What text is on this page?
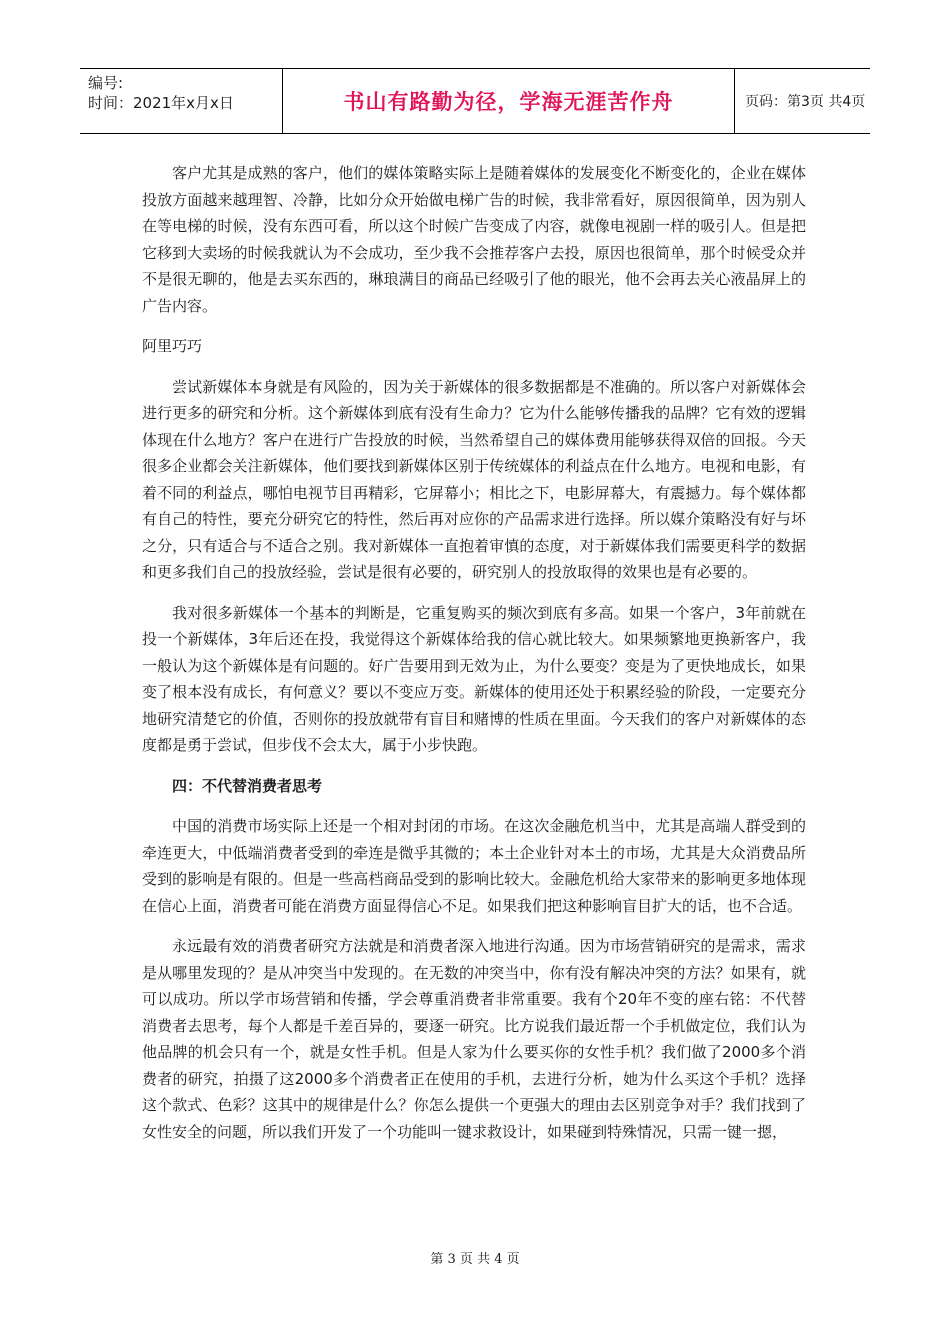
编号:
时间：2021年x月x日	书山有路勤为径，学海无涯苦作舟	页码：第3页 共4页

客户尤其是成熟的客户，他们的媒体策略实际上是随着媒体的发展变化不断变化的，企业在媒体投放方面越来越理智、冷静，比如分众开始做电梯广告的时候，我非常看好，原因很简单，因为别人在等电梯的时候，没有东西可看，所以这个时候广告变成了内容，就像电视剧一样的吸引人。但是把它移到大卖场的时候我就认为不会成功，至少我不会推荐客户去投，原因也很简单，那个时候受众并不是很无聊的，他是去买东西的，琳琅满目的商品已经吸引了他的眼光，他不会再去关心液晶屏上的广告内容。

阿里巧巧

尝试新媒体本身就是有风险的，因为关于新媒体的很多数据都是不准确的。所以客户对新媒体会进行更多的研究和分析。这个新媒体到底有没有生命力？它为什么能够传播我的品牌？它有效的逻辑体现在什么地方？客户在进行广告投放的时候，当然希望自己的媒体费用能够获得双倍的回报。今天很多企业都会关注新媒体，他们要找到新媒体区别于传统媒体的利益点在什么地方。电视和电影，有着不同的利益点，哪怕电视节目再精彩，它屏幕小；相比之下，电影屏幕大，有震撼力。每个媒体都有自己的特性，要充分研究它的特性，然后再对应你的产品需求进行选择。所以媒介策略没有好与坏之分，只有适合与不适合之别。我对新媒体一直抱着审慎的态度，对于新媒体我们需要更科学的数据和更多我们自己的投放经验，尝试是很有必要的，研究别人的投放取得的效果也是有必要的。

我对很多新媒体一个基本的判断是，它重复购买的频次到底有多高。如果一个客户，3年前就在投一个新媒体，3年后还在投，我觉得这个新媒体给我的信心就比较大。如果频繁地更换新客户，我一般认为这个新媒体是有问题的。好广告要用到无效为止，为什么要变？变是为了更快地成长，如果变了根本没有成长，有何意义？要以不变应万变。新媒体的使用还处于积累经验的阶段，一定要充分地研究清楚它的价值，否则你的投放就带有盲目和赌博的性质在里面。今天我们的客户对新媒体的态度都是勇于尝试，但步伐不会太大，属于小步快跑。

四：不代替消费者思考

中国的消费市场实际上还是一个相对封闭的市场。在这次金融危机当中，尤其是高端人群受到的牵连更大，中低端消费者受到的牵连是微乎其微的；本土企业针对本土的市场，尤其是大众消费品所受到的影响是有限的。但是一些高档商品受到的影响比较大。金融危机给大家带来的影响更多地体现在信心上面，消费者可能在消费方面显得信心不足。如果我们把这种影响盲目扩大的话，也不合适。

永远最有效的消费者研究方法就是和消费者深入地进行沟通。因为市场营销研究的是需求，需求是从哪里发现的？是从冲突当中发现的。在无数的冲突当中，你有没有解决冲突的方法？如果有，就可以成功。所以学市场营销和传播，学会尊重消费者非常重要。我有个20年不变的座右铭：不代替消费者去思考，每个人都是千差百异的，要逐一研究。比方说我们最近帮一个手机做定位，我们认为他品牌的机会只有一个，就是女性手机。但是人家为什么要买你的女性手机？我们做了2000多个消费者的研究，拍摄了这2000多个消费者正在使用的手机，去进行分析，她为什么买这个手机？选择这个款式、色彩？这其中的规律是什么？你怎么提供一个更强大的理由去区别竞争对手？我们找到了女性安全的问题，所以我们开发了一个功能叫一键求救设计，如果碰到特殊情况，只需一键一摁，

第 3 页 共 4 页
